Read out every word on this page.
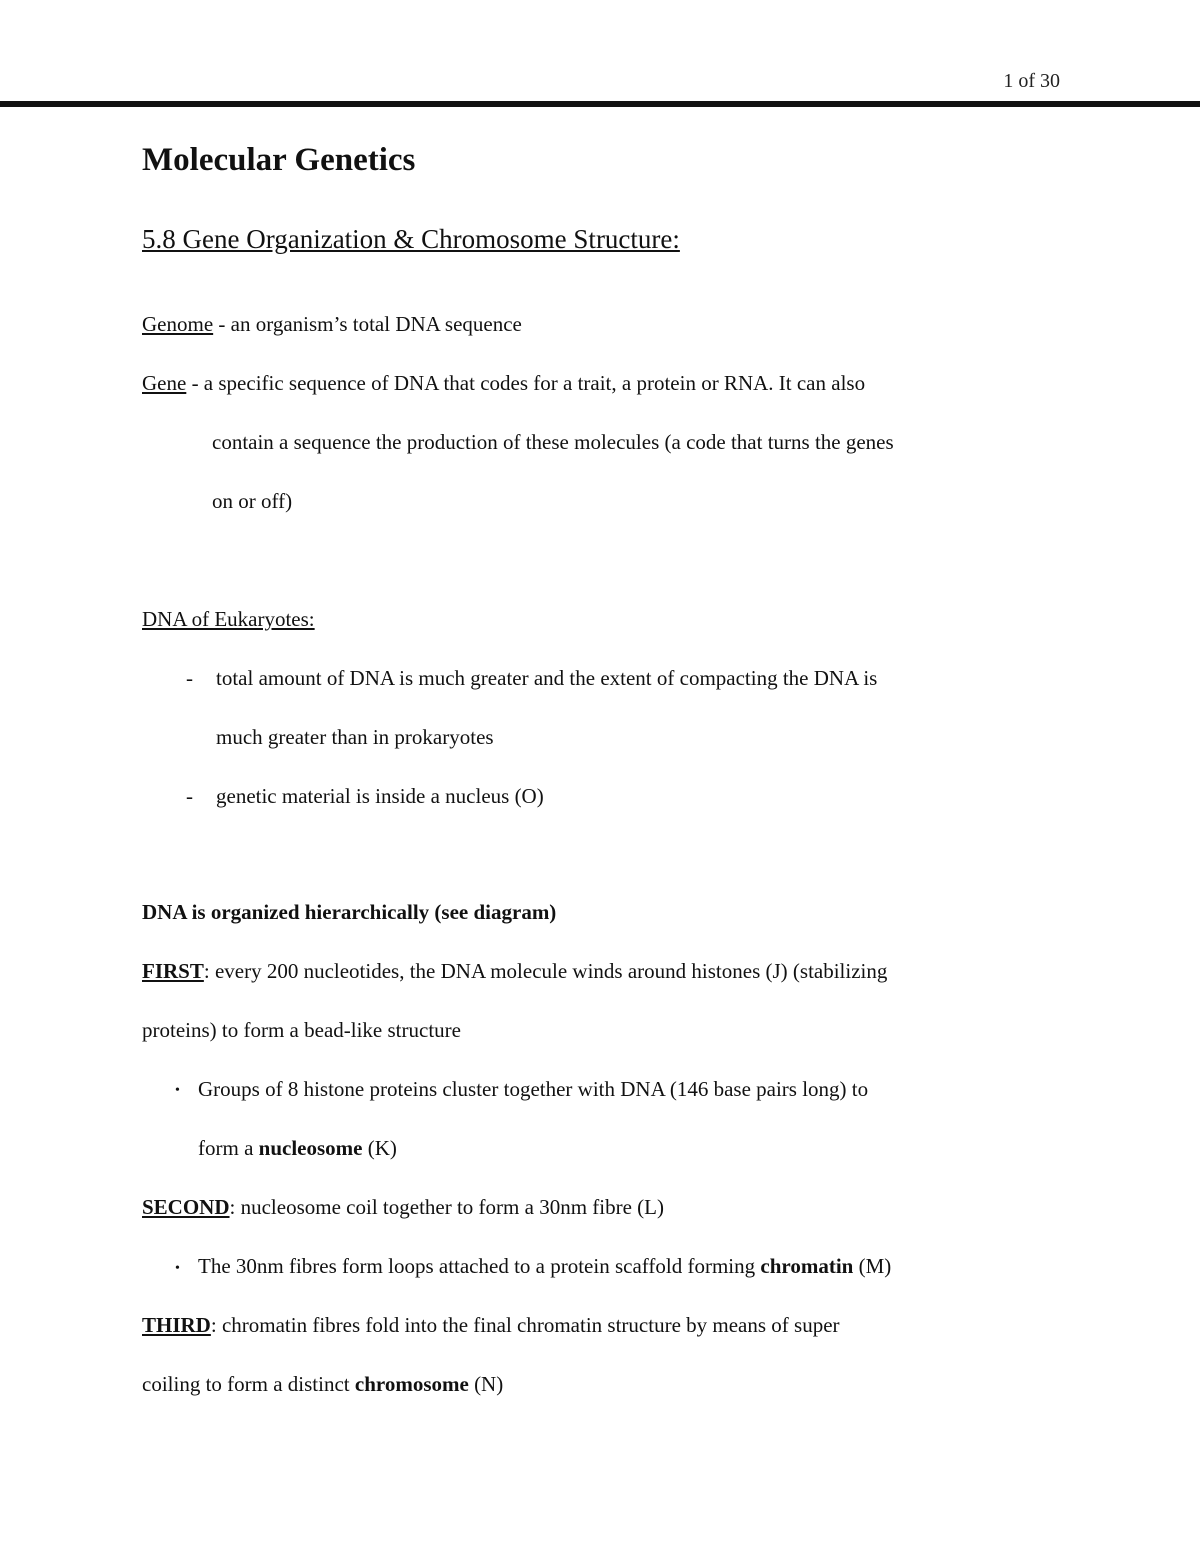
1 of 30
Molecular Genetics
5.8 Gene Organization & Chromosome Structure:
Genome - an organism’s total DNA sequence
Gene - a specific sequence of DNA that codes for a trait, a protein or RNA. It can also
contain a sequence the production of these molecules (a code that turns the genes
on or off)
DNA of Eukaryotes:
- total amount of DNA is much greater and the extent of compacting the DNA is
much greater than in prokaryotes
- genetic material is inside a nucleus (O)
DNA is organized hierarchically (see diagram)
FIRST: every 200 nucleotides, the DNA molecule winds around histones (J) (stabilizing
proteins) to form a bead-like structure
• Groups of 8 histone proteins cluster together with DNA (146 base pairs long) to
form a nucleosome (K)
SECOND: nucleosome coil together to form a 30nm fibre (L)
• The 30nm fibres form loops attached to a protein scaffold forming chromatin (M)
THIRD: chromatin fibres fold into the final chromatin structure by means of super
coiling to form a distinct chromosome (N)
